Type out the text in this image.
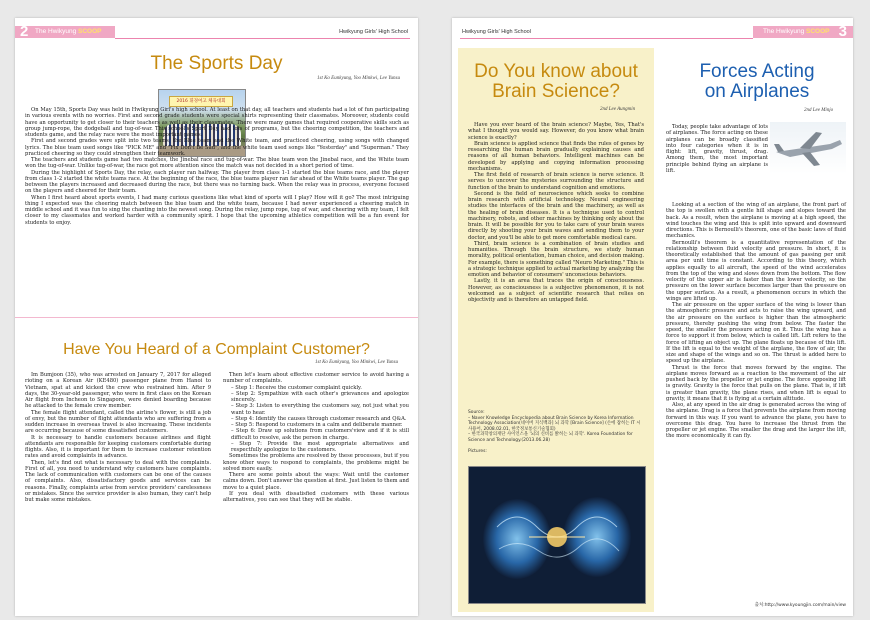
The Hwikyung SCOOP
2	Hwikyung Girls' High School
The Sports Day
1st Ko Eunkyung, Yoo Minkwi, Lee Yunsu
2016 휘경여고 체육대회

On May 15th, Sports Day was held in Hwikyung Girl's high school. At least on that day, all teachers and students had a lot of fun participating in various events with no worries. First and second grade students were special shirts representing their classmates. Moreover, students could have an opportunity to get closer to their teachers as well as their classmates. There were many games that required cooperative skills such as group jump-rope, the dodgeball and tug-of-war. This school's Sport Day had lots of programs, but the cheering competition, the teachers and students game, and the relay race were the most important games.

First and second grades were split into two teams, the Blue team and the White team, and practiced cheering, using songs with changed lyrics. The blue team used songs like "PICK ME" and "Fix Don't Be Sad", and the white team used songs like "Yesterday" and "Superman." They practiced cheering so they could strengthen their teamwork.

The teachers and students game had two matches, the Jinebal race and tug-of-war. The blue team won the Jinebal race, and the White team won the tug-of-war. Unlike tug-of-war, the race got more attention since the match was not decided in a short period of time.

During the highlight of Sports Day, the relay, each player ran halfway. The player from class 1-1 started the blue teams race, and the player from class 1-2 started the white teams race. At the beginning of the race, the blue teams player ran far ahead of the White teams player. The gap between the players increased and decreased during the race, but there was no turning back. When the relay was in process, everyone focused on the players and cheered for their team.

When I first heard about sports events, I had many curious questions like what kind of sports will I play? How will it go? The most intriguing thing I expected was the cheering match between the blue team and the white team, because I had never experienced a cheering match in middle school and it was fun to sing the chanting into the newest song. During the relay, jump rope, tug of war, and cheering with my team, I felt closer to my classmates and worked harder with a community spirit. I hope that the upcoming athletics competition will be a fun event for students to enjoy.

Have You Heard of a Complaint Customer?
1st Ko Eunkyung, Yoo Minkwi, Lee Yunsu

Im Bumjoon (35), who was arrested on January 7, 2017 for alleged rioting on a Korean Air (KE480) passenger plane from Hanoi to Vietnam, spat at and kicked the crew who restrained him. After 9 days, the 30-year-old passenger, who were in first class on the Korean Air flight from Incheon to Singapore, were denied boarding because he attacked to the female crew member.

The female flight attendant, called the airline's flower, is still a job of envy, but the number of flight attendants who are suffering from a sudden increase in overseas travel is also increasing. These incidents are occurring because of some dissatisfied customers.

It is necessary to handle customers because airlines and flight attendants are responsible for keeping customers comfortable during flights. Also, it is important for them to increase customer retention rates and avoid complaints in advance.

Then, let's find out what is necessary to deal with the complaints. First of all, you need to understand why customers have complaints. The lack of communication with customers can be one of the causes of complaints. Also, dissatisfactory goods and services can be reasons. Finally, complaints arise from service providers' carelessness or mistakes. Since the service provider is also human, they can't help but make some mistakes.

Then let's learn about effective customer service to avoid having a number of complaints.

– Step 1: Receive the customer complaint quickly.

– Step 2: Sympathize with each other's grievances and apologize sincerely.

– Step 3: Listen to everything the customers say, not just what you want to hear.

– Step 4: Identify the causes through customer research and Q&A.

– Step 5: Respond to customers in a calm and deliberate manner.

– Step 6: Draw up solutions from customers'view and if it is still difficult to resolve, ask the person in charge.

– Step 7: Provide the most appropriate alternatives and respectfully apologize to the customers.

Sometimes the problems are resolved by these processes, but if you know other ways to respond to complaints, the problems might be solved more easily.

There are some points about the ways: Wait until the customer calms down. Don't answer the question at first. Just listen to them and move to a quiet place.

If you deal with dissatisfied customers with these various alternatives, you can see that they will be stable.

Hwikyung Girls' High School	The Hwikyung SCOOP 3
Do You know about
Brain Science?
2nd Lee Aungmin

Have you ever heard of the brain science? Maybe, Yes, That's what I thought you would say. However, do you know what brain science is exactly?

Brain science is applied science that finds the rules of genes by researching the human brain gradually explaining causes and reasons of all human behaviors. Intelligent machines can be developed by applying and copying information processing mechanisms.

The first field of research of brain science is nerve science. It serves to uncover the mysteries surrounding the structure and function of the brain to understand cognition and emotions.

Second is the field of neuroscience which seeks to combine brain research with artificial technology. Neural engineering studies the interfaces of the brain and the machinery, as well as the healing of brain diseases. It is a technique used to control machinery, robots, and other machines by thinking only about the brain. It will be possible for you to take care of your brain waves directly by shooting your brain waves and sending them to your doctor, and you'll be able to get more comfortable medical care.

Third, brain science is a combination of brain studies and humanities. Through the brain structure, we study human morality, political orientation, human choice, and decision making. For example, there is something called "Neuro Marketing." This is a strategic technique applied to actual marketing by analyzing the emotion and behavior of consumers' unconscious behaviors.

Lastly, it is an area that traces the origin of consciousness. However, as consciousness is a subjective phenomenon, it is not welcomed as a subject of scientific research that relies on objectivity and is therefore an untapped field.

Source:
– Naver Knowledge Encyclopedia about Brain Science by Korea Information Technology Association(네이버 지식백과] 뇌 과학 [Brain Science] (손에 잡히는 IT 시사용어, 2008.02.01, 한국정보통신기술협회)
– 한국과학창의재단 사이언스올 '뇌의 신비를 밝히는 뇌 과학'. Korea Foundation for Science and Technology.(2013.06.28)
Pictures:
Forces Acting
on Airplanes
2nd Lee Minjo

Today, people take advantage of lots of airplanes. The force acting on these airplanes can be broadly classified into four categories when it is in flight: lift, gravity, thrust, drag. Among them, the most important principle behind flying an airplane is lift.

Looking at a section of the wing of an airplane, the front part of the top is swollen with a gentle hill shape and slopes toward the back. As a result, when the airplane is moving at a high speed, the wind touches the wing and this is split into upward and downward directions. This is Bernoulli's theorem, one of the basic laws of fluid mechanics.

Bernoulli's theorem is a quantitative representation of the relationship between fluid velocity and pressure. In short, it is theoretically established that the amount of gas passing per unit area per unit time is constant. According to this theory, which applies equally to all aircraft, the speed of the wind accelerates from the top of the wing and slows down from the bottom. The flow velocity of the upper air is faster than the lower velocity, so the pressure on the lower surface becomes larger than the pressure on the upper surface. As a result, a phenomenon occurs in which the wings are lifted up.

The air pressure on the upper surface of the wing is lower than the atmospheric pressure and acts to raise the wing upward, and the air pressure on the surface is higher than the atmospheric pressure, thereby pushing the wing from below. The faster the speed, the smaller the pressure acting on it. Thus the wing has a force to support it from below, which is called lift. Lift refers to the force of lifting an object up. The plane floats up because of this lift. If the lift is equal to the weight of the airplane, the flow of air, the size and shape of the wings and so on. The thrust is added here to speed up the airplane.

Thrust is the force that moves forward by the engine. The airplane moves forward as a reaction to the movement of the air pushed back by the propeller or jet engine. The force opposing lift is gravity. Gravity is the force that pulls on the plane. That is, if lift is greater than gravity, the plane rises, and when lift is equal to gravity, it means that it is flying at a certain altitude.

Also, at any speed in the air drag is generated across the wing of the airplane. Drag is a force that prevents the airplane from moving forward in this way. If you want to advance the plane, you have to overcome this drag. You have to increase the thrust from the propeller or jet engine. The smaller the drag and the larger the lift, the more economically it can fly.

출처:http://www.kyoungjin.com/main/view
